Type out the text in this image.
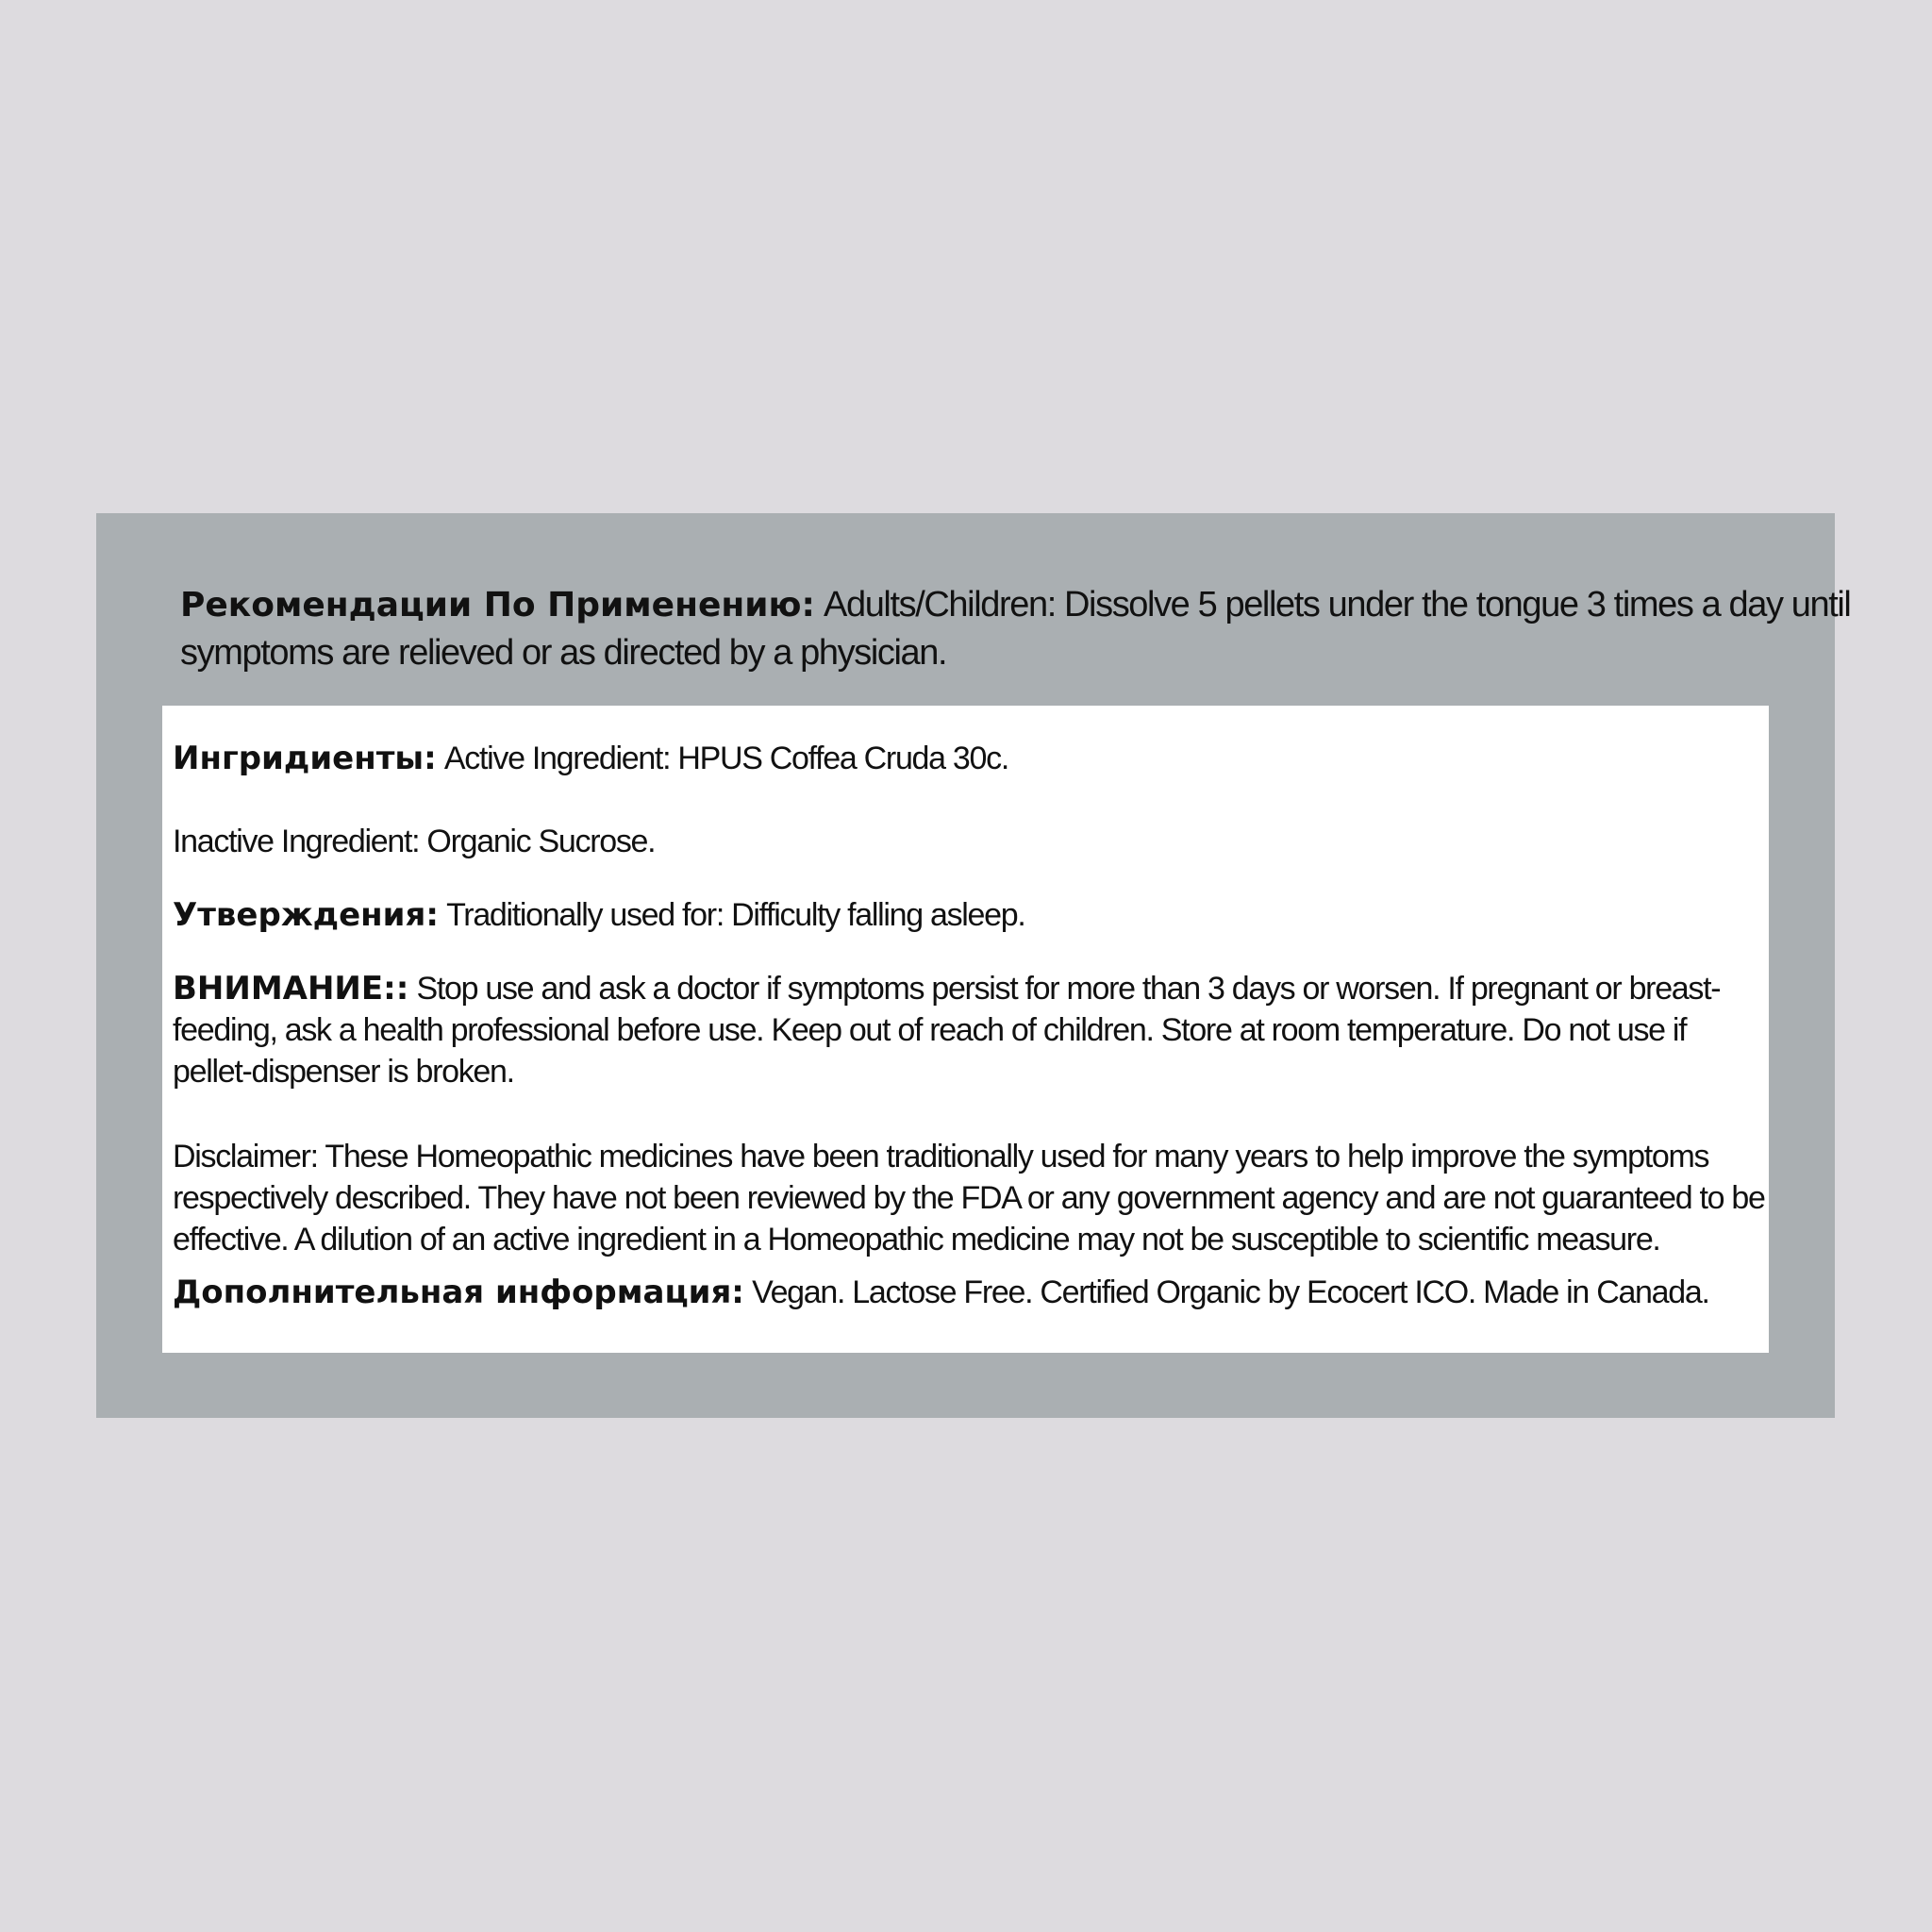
Рекомендации По Применению: Adults/Children: Dissolve 5 pellets under the tongue 3 times a day until symptoms are relieved or as directed by a physician.
Ингридиенты: Active Ingredient: HPUS Coffea Cruda 30c.
Inactive Ingredient: Organic Sucrose.
Утверждения: Traditionally used for: Difficulty falling asleep.
ВНИМАНИЕ:: Stop use and ask a doctor if symptoms persist for more than 3 days or worsen. If pregnant or breast-feeding, ask a health professional before use. Keep out of reach of children. Store at room temperature. Do not use if pellet-dispenser is broken.
Disclaimer: These Homeopathic medicines have been traditionally used for many years to help improve the symptoms respectively described. They have not been reviewed by the FDA or any government agency and are not guaranteed to be effective. A dilution of an active ingredient in a Homeopathic medicine may not be susceptible to scientific measure.
Дополнительная информация: Vegan. Lactose Free. Certified Organic by Ecocert ICO. Made in Canada.
